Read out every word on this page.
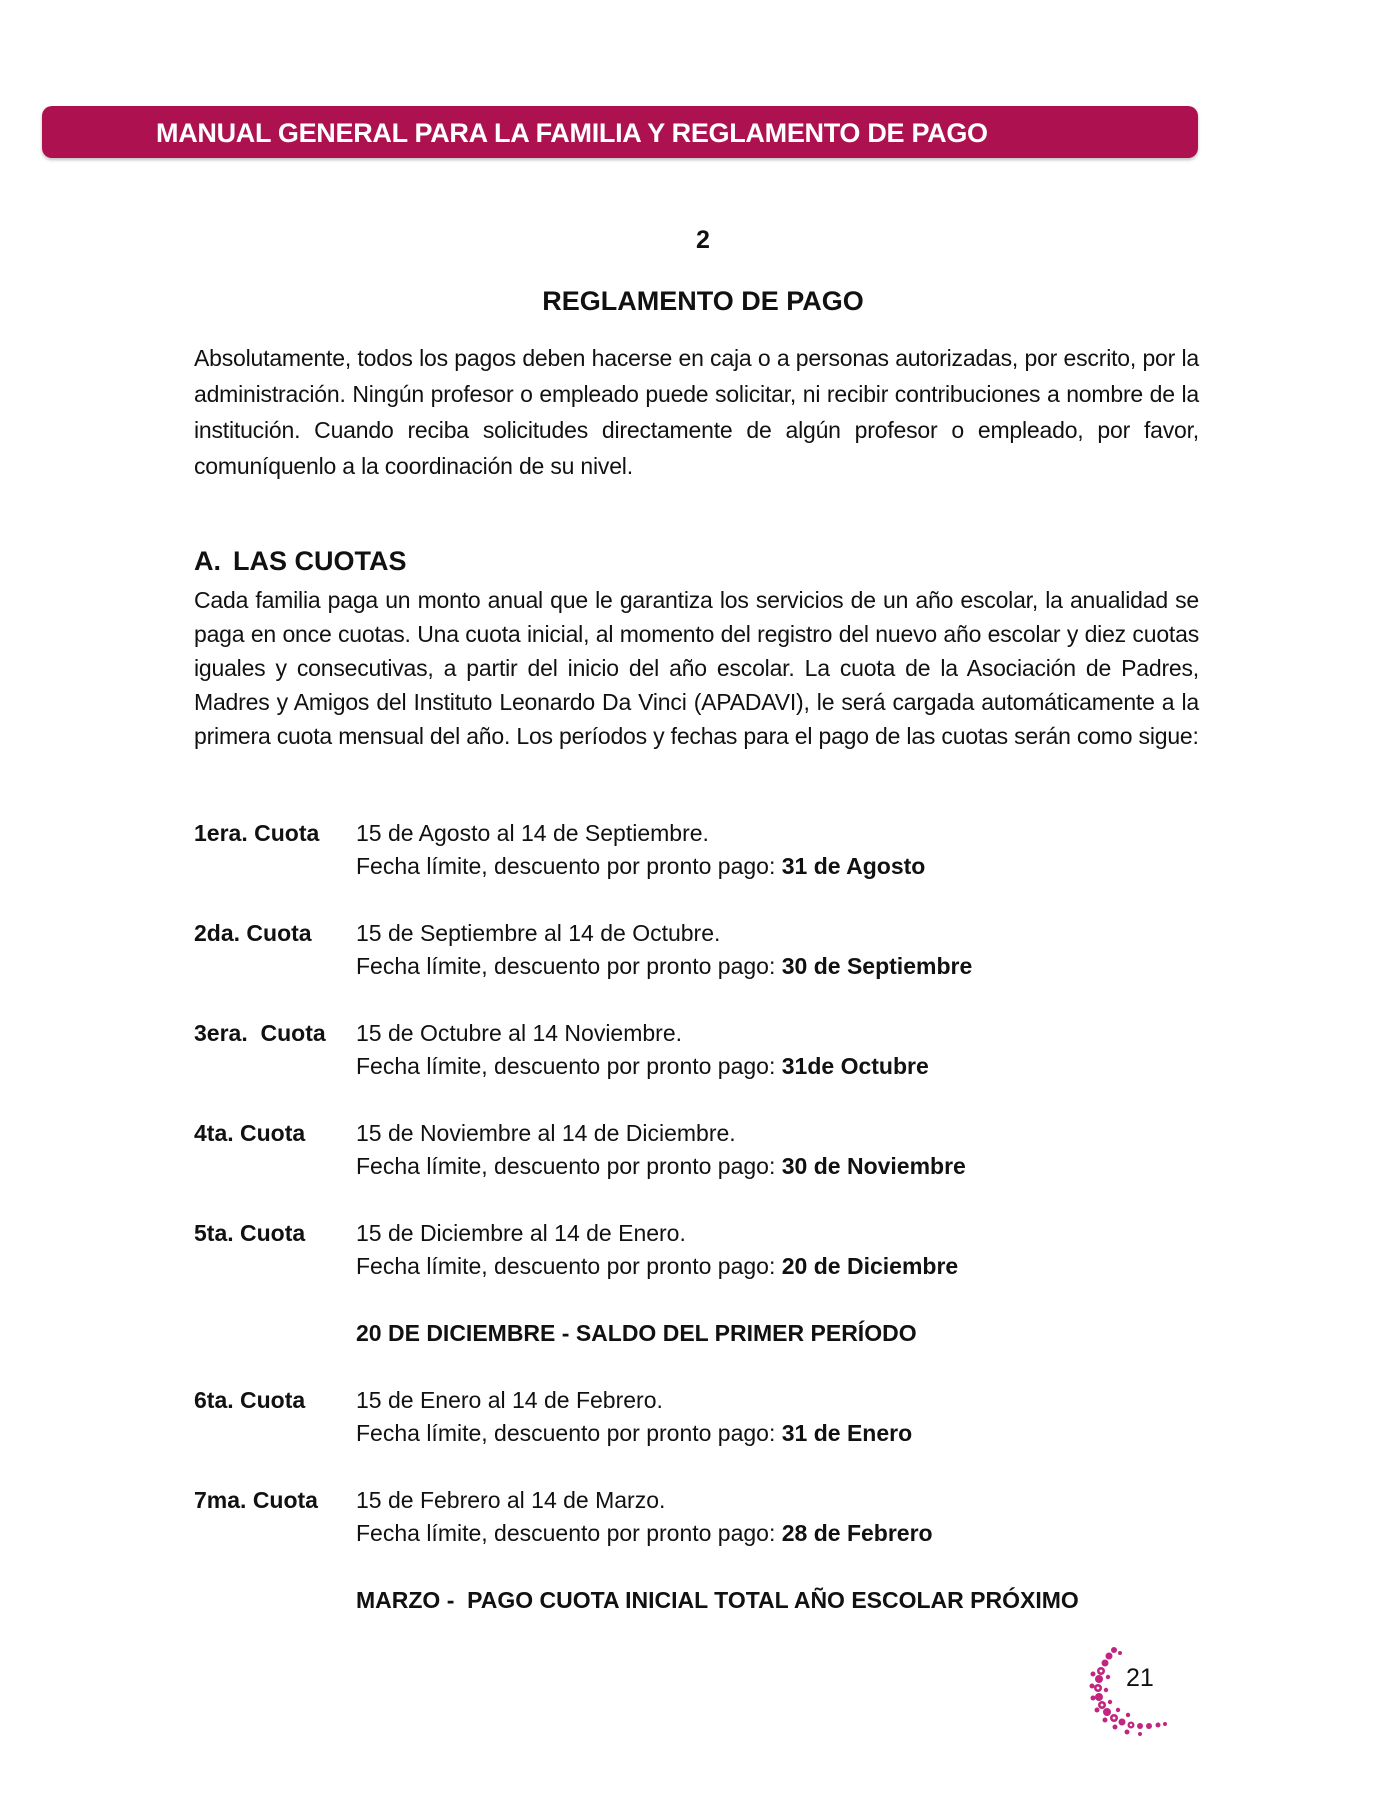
MANUAL GENERAL PARA LA FAMILIA Y REGLAMENTO DE PAGO
2
REGLAMENTO DE PAGO
Absolutamente, todos los pagos deben hacerse en caja o a personas autorizadas, por escrito, por la administración. Ningún profesor o empleado puede solicitar, ni recibir contribuciones a nombre de la institución. Cuando reciba solicitudes directamente de algún profesor o empleado, por favor, comuníquenlo a la coordinación de su nivel.
A. LAS CUOTAS
Cada familia paga un monto anual que le garantiza los servicios de un año escolar, la anualidad se paga en once cuotas. Una cuota inicial, al momento del registro del nuevo año escolar y diez cuotas iguales y consecutivas, a partir del inicio del año escolar. La cuota de la Asociación de Padres, Madres y Amigos del Instituto Leonardo Da Vinci (APADAVI), le será cargada automáticamente a la primera cuota mensual del año. Los períodos y fechas para el pago de las cuotas serán como sigue:
1era. Cuota 15 de Agosto al 14 de Septiembre.
Fecha límite, descuento por pronto pago: 31 de Agosto
2da. Cuota 15 de Septiembre al 14 de Octubre.
Fecha límite, descuento por pronto pago: 30 de Septiembre
3era.  Cuota 15 de Octubre al 14 Noviembre.
Fecha límite, descuento por pronto pago: 31de Octubre
4ta. Cuota 15 de Noviembre al 14 de Diciembre.
Fecha límite, descuento por pronto pago: 30 de Noviembre
5ta. Cuota 15 de Diciembre al 14 de Enero.
Fecha límite, descuento por pronto pago: 20 de Diciembre
20 DE DICIEMBRE - SALDO DEL PRIMER PERÍODO
6ta. Cuota 15 de Enero al 14 de Febrero.
Fecha límite, descuento por pronto pago: 31 de Enero
7ma. Cuota 15 de Febrero al 14 de Marzo.
Fecha límite, descuento por pronto pago: 28 de Febrero
MARZO -  PAGO CUOTA INICIAL TOTAL AÑO ESCOLAR PRÓXIMO
21
